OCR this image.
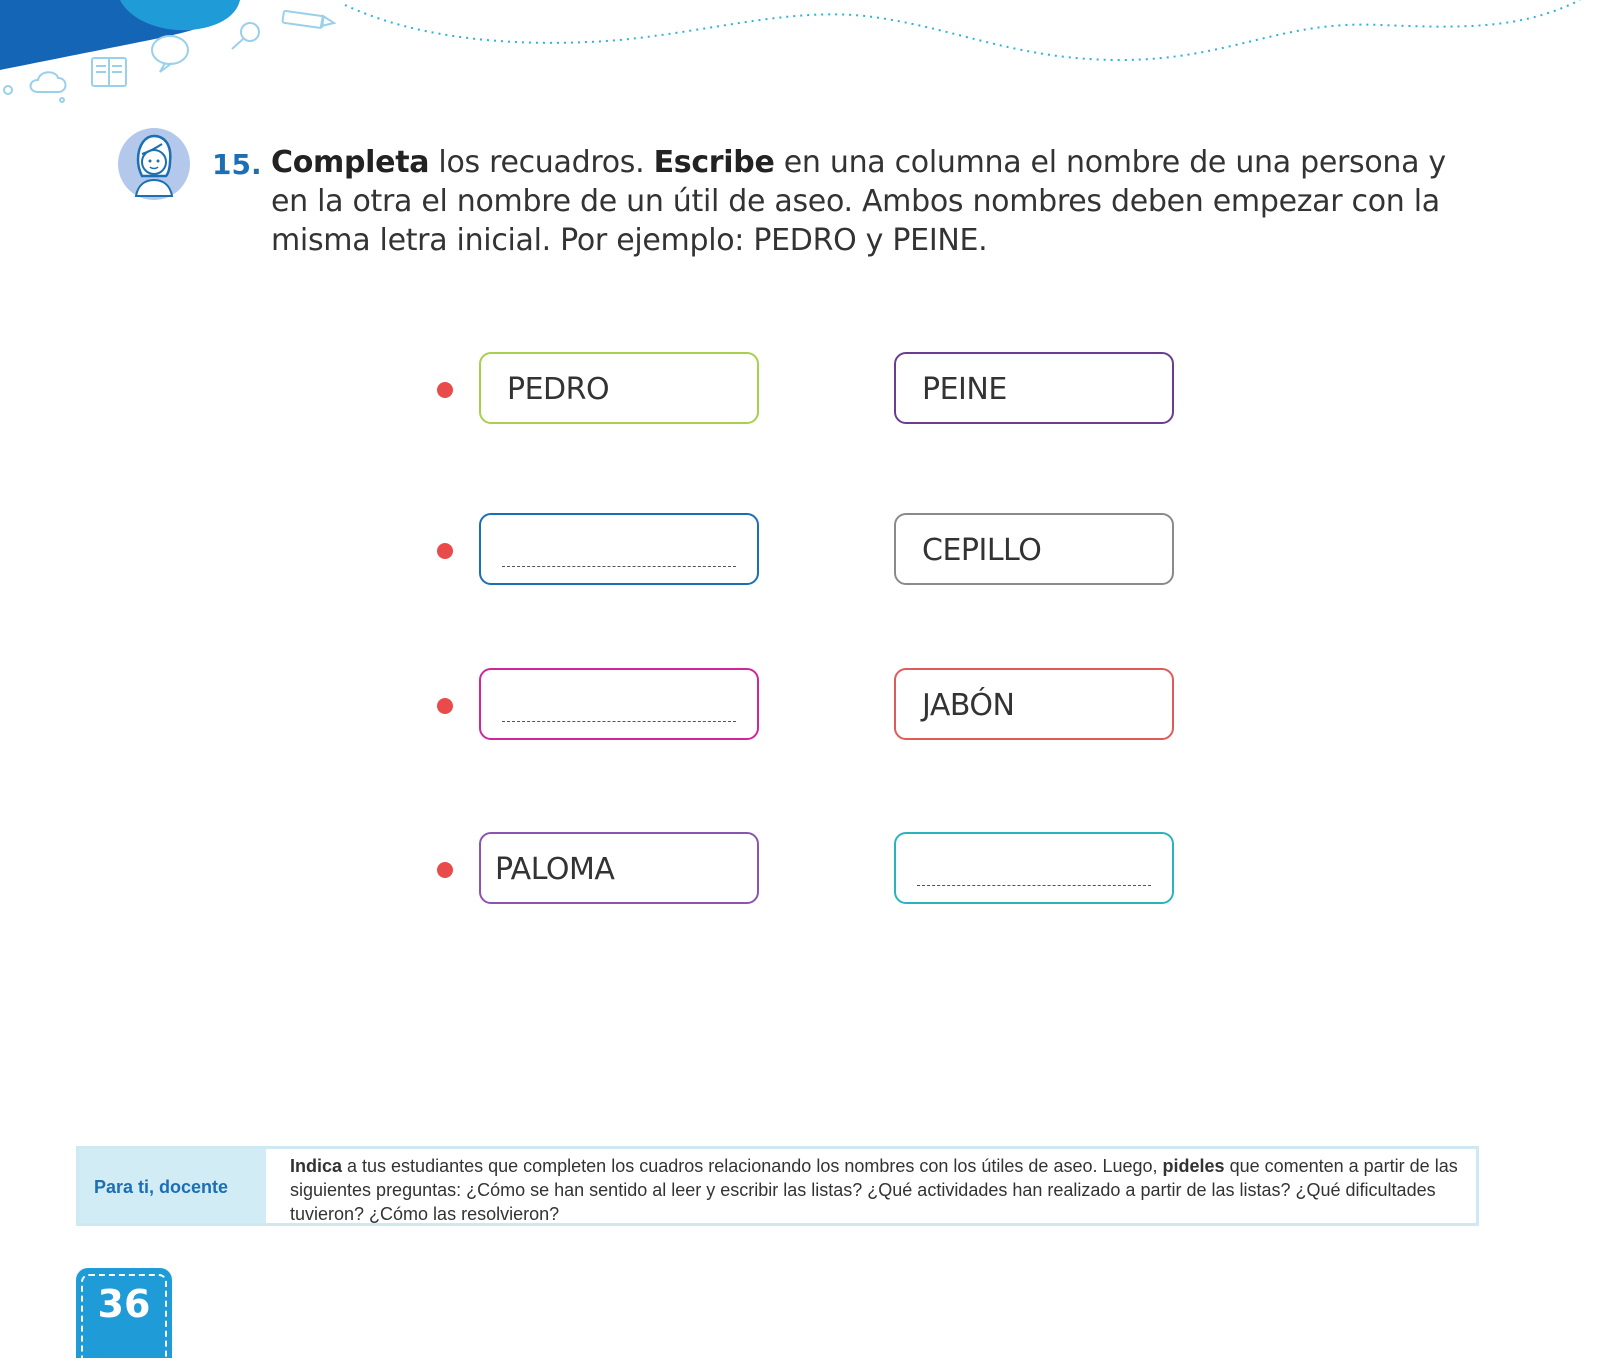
15. Completa los recuadros. Escribe en una columna el nombre de una persona y en la otra el nombre de un útil de aseo. Ambos nombres deben empezar con la misma letra inicial. Por ejemplo: PEDRO y PEINE.
PEDRO	PEINE
CEPILLO
JABÓN
PALOMA
Para ti, docente
Indica a tus estudiantes que completen los cuadros relacionando los nombres con los útiles de aseo. Luego, pideles que comenten a partir de las siguientes preguntas: ¿Cómo se han sentido al leer y escribir las listas? ¿Qué actividades han realizado a partir de las listas? ¿Qué dificultades tuvieron? ¿Cómo las resolvieron?
36
